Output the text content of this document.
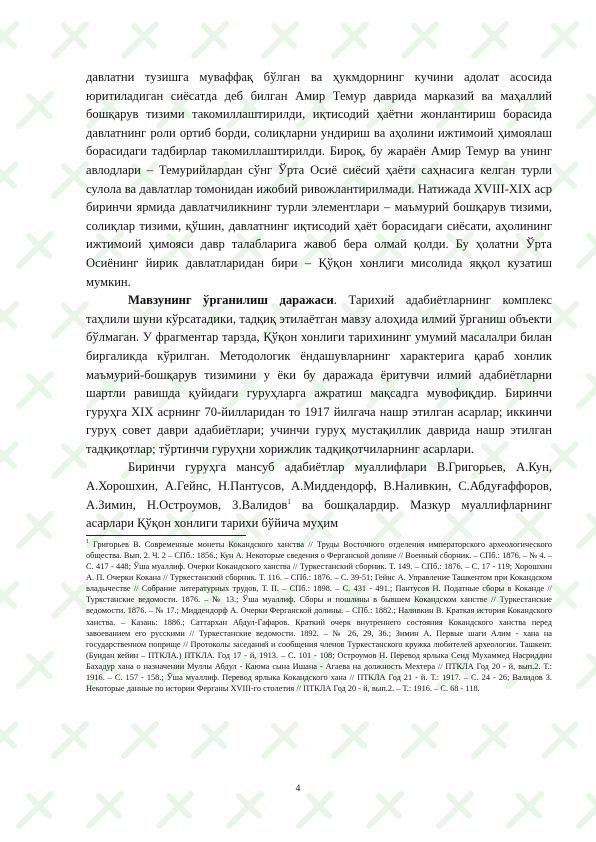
давлатни тузишга муваффақ бўлган ва ҳукмдорнинг кучини адолат асосида юритиладиган сиёсатда деб билган Амир Темур даврида марказий ва маҳаллий бошқарув тизими такомиллаштирилди, иқтисодий ҳаётни жонлантириш борасида давлатнинг роли ортиб борди, солиқларни ундириш ва аҳолини ижтимоий ҳимоялаш борасидаги тадбирлар такомиллаштирилди. Бироқ, бу жараён Амир Темур ва унинг авлодлари – Темурийлардан сўнг Ўрта Осиё сиёсий ҳаёти саҳнасига келган турли сулола ва давлатлар томонидан ижобий ривожлантирилмади. Натижада XVIII-XIX аср биринчи ярмида давлатчиликнинг турли элементлари – маъмурий бошқарув тизими, солиқлар тизими, қўшин, давлатнинг иқтисодий ҳаёт борасидаги сиёсати, аҳолининг ижтимоий ҳимояси давр талабларига жавоб бера олмай қолди. Бу ҳолатни Ўрта Осиёнинг йирик давлатларидан бири – Қўқон хонлиги мисолида яққол кузатиш мумкин.

Мавзунинг ўрганилиш даражаси. Тарихий адабиётларнинг комплекс таҳлили шуни кўрсатадики, тадқиқ этилаётган мавзу алоҳида илмий ўрганиш объекти бўлмаган. У фрагментар тарзда, Қўқон хонлиги тарихининг умумий масалалри билан биргаликда кўрилган. Методологик ёндашувларнинг характерига қараб хонлик маъмурий-бошқарув тизимини у ёки бу даражада ёритувчи илмий адабиётларни шартли равишда қуйидаги гуруҳларга ажратиш мақсадга мувофиқдир. Биринчи гуруҳга XIX асрнинг 70-йилларидан то 1917 йилгача нашр этилган асарлар; иккинчи гуруҳ совет даври адабиётлари; учинчи гуруҳ мустақиллик даврида нашр этилган тадқиқотлар; тўртинчи гуруҳни хорижлик тадқиқотчиларнинг асарлари.

Биринчи гуруҳга мансуб адабиётлар муаллифлари В.Григорьев, А.Кун, А.Хорошхин, А.Гейнс, Н.Пантусов, А.Миддендорф, В.Наливкин, С.Абдуғаффоров, А.Зимин, Н.Остроумов, З.Валидов$^1$ ва бошқалардир. Мазкур муаллифларнинг асарлари Қўқон хонлиги тарихи бўйича муҳим

$^1$ Григорьев В. Современные монеты Кокандского ханства // Труды Восточного отделения императорского археологического общества. Вып. 2. Ч. 2 – СПб.: 1856.; Кун А. Некоторые сведения о Ферганской долине // Военный сборник. – СПб.: 1876. – № 4. – С. 417 - 448; Ўша муаллиф. Очерки Кокандского ханства // Туркестанский сборник. Т. 149. – СПб.: 1876. – С. 17 - 119; Хорошхин А. П. Очерки Кокана // Туркестанский сборник. Т. 116. – СПб.: 1876. – С. 39-51; Гейнс А. Управление Ташкентом при Кокандском владычестве // Собрание литературных трудов, Т. II. – СПб.: 1898. – С. 431 - 491.; Пантусов Н. Податные сборы в Коканде // Туркстанские ведомости. 1876. – № 13.; Ўша муаллиф. Сборы и пошлины в бывшем Кокандском ханстве // Туркестанские ведомости. 1876. – № 17.; Миддендорф А. Очерки Ферганской долины. – СПб.: 1882.; Наливкин В. Краткая история Кокандского ханства. – Казань: 1886.; Саттархан Абдул-Гафаров. Краткий очерк внутреннего состояния Кокандского ханства перед завоеванием его русскими // Туркестанские ведомости. 1892. – № 26, 29, 36.; Зимин А. Первые шаги Алим - хана на государственном поприще // Протоколы заседаний и сообщения членов Туркестанского кружка любителей археологии. Ташкент. (Бундан кейин – ПТКЛА.) ПТКЛА. Год 17 - й, 1913. – С. 101 - 108; Остроумов Н. Перевод ярлыка Сеид Мухаммед Насриддин Бахадур хана о назначении Муллы Абдул - Каюма сына Ишана - Агаева на должность Мехтера // ПТКЛА Год 20 - й, вып.2. Т.: 1916. – С. 157 - 158.; Ўша муаллиф. Перевод ярлыка Кокандского хана // ПТКЛА Год 21 - й. Т.: 1917. – С. 24 - 26; Валидов З. Некоторые данные по истории Ферганы XVIII-го столетия // ПТКЛА Год 20 - й, вып.2. – Т.: 1916. – С. 68 - 118.

4
